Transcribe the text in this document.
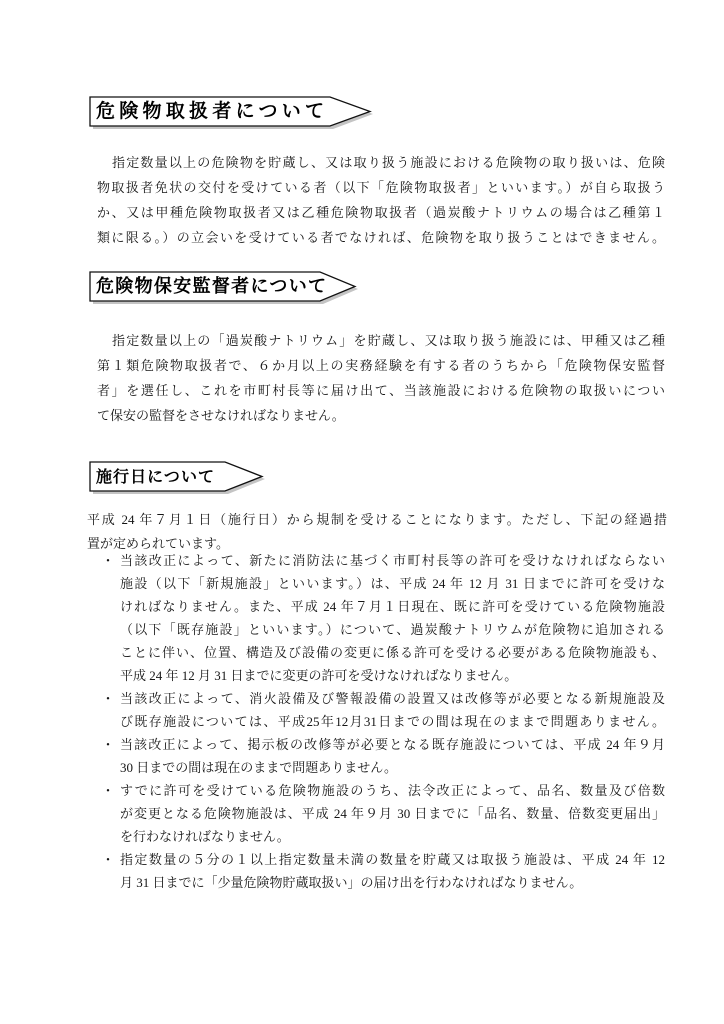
危険物取扱者について
指定数量以上の危険物を貯蔵し、又は取り扱う施設における危険物の取り扱いは、危険
物取扱者免状の交付を受けている者（以下「危険物取扱者」といいます。）が自ら取扱う
か、又は甲種危険物取扱者又は乙種危険物取扱者（過炭酸ナトリウムの場合は乙種第１
類に限る。）の立会いを受けている者でなければ、危険物を取り扱うことはできません。
危険物保安監督者について
指定数量以上の「過炭酸ナトリウム」を貯蔵し、又は取り扱う施設には、甲種又は乙種
第１類危険物取扱者で、６か月以上の実務経験を有する者のうちから「危険物保安監督
者」を選任し、これを市町村長等に届け出て、当該施設における危険物の取扱いについ
て保安の監督をさせなければなりません。
施行日について
平成 24 年７月１日（施行日）から規制を受けることになります。ただし、下記の経過措
置が定められています。
・ 当該改正によって、新たに消防法に基づく市町村長等の許可を受けなければならない
施設（以下「新規施設」といいます。）は、平成 24 年 12 月 31 日までに許可を受けな
ければなりません。また、平成 24 年７月１日現在、既に許可を受けている危険物施設
（以下「既存施設」といいます。）について、過炭酸ナトリウムが危険物に追加される
ことに伴い、位置、構造及び設備の変更に係る許可を受ける必要がある危険物施設も、
平成 24 年 12 月 31 日までに変更の許可を受けなければなりません。
・ 当該改正によって、消火設備及び警報設備の設置又は改修等が必要となる新規施設及
び既存施設については、平成25年12月31日までの間は現在のままで問題ありません。
・ 当該改正によって、掲示板の改修等が必要となる既存施設については、平成 24 年９月
30 日までの間は現在のままで問題ありません。
・ すでに許可を受けている危険物施設のうち、法令改正によって、品名、数量及び倍数
が変更となる危険物施設は、平成 24 年９月 30 日までに「品名、数量、倍数変更届出」
を行わなければなりません。
・ 指定数量の５分の１以上指定数量未満の数量を貯蔵又は取扱う施設は、平成 24 年 12
月 31 日までに「少量危険物貯蔵取扱い」の届け出を行わなければなりません。
